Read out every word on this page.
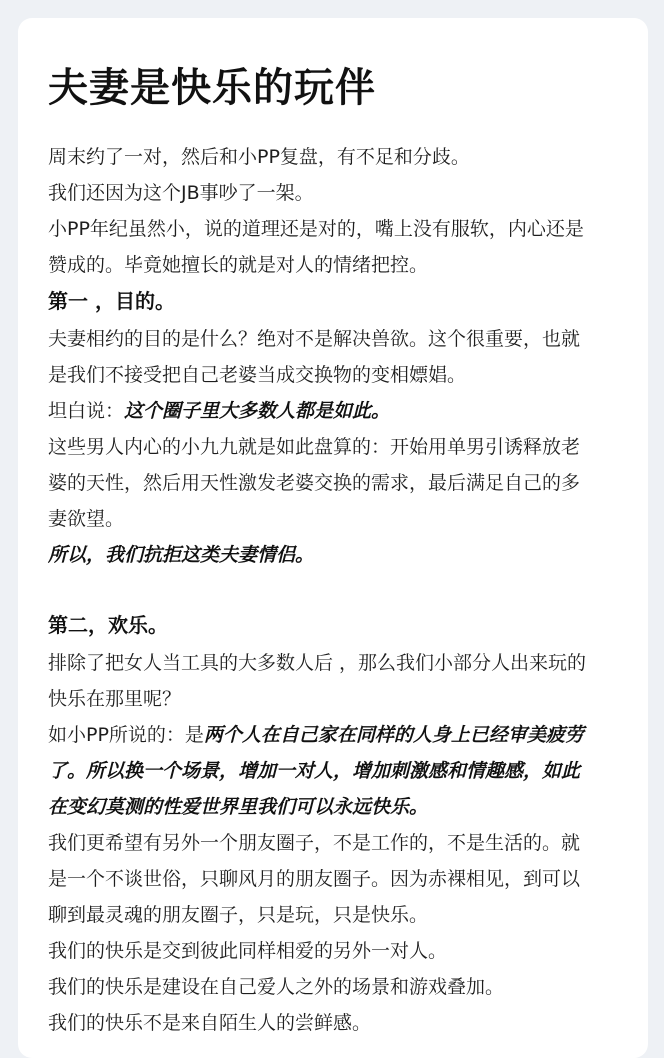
夫妻是快乐的玩伴
周末约了一对，然后和小PP复盘，有不足和分歧。
我们还因为这个JB事吵了一架。
小PP年纪虽然小，说的道理还是对的，嘴上没有服软，内心还是
赞成的。毕竟她擅长的就是对人的情绪把控。
第一 ，目的。
夫妻相约的目的是什么？绝对不是解决兽欲。这个很重要，也就
是我们不接受把自己老婆当成交换物的变相嫖娼。
坦白说：这个圈子里大多数人都是如此。
这些男人内心的小九九就是如此盘算的：开始用单男引诱释放老
婆的天性，然后用天性激发老婆交换的需求，最后满足自己的多
妻欲望。
所以，我们抗拒这类夫妻情侣。
第二，欢乐。
排除了把女人当工具的大多数人后 ，那么我们小部分人出来玩的
快乐在那里呢？
如小PP所说的：是两个人在自己家在同样的人身上已经审美疲劳
了。所以换一个场景，增加一对人，增加刺激感和情趣感，如此
在变幻莫测的性爱世界里我们可以永远快乐。
我们更希望有另外一个朋友圈子，不是工作的，不是生活的。就
是一个不谈世俗，只聊风月的朋友圈子。因为赤裸相见，到可以
聊到最灵魂的朋友圈子，只是玩，只是快乐。
我们的快乐是交到彼此同样相爱的另外一对人。
我们的快乐是建设在自己爱人之外的场景和游戏叠加。
我们的快乐不是来自陌生人的尝鲜感。
